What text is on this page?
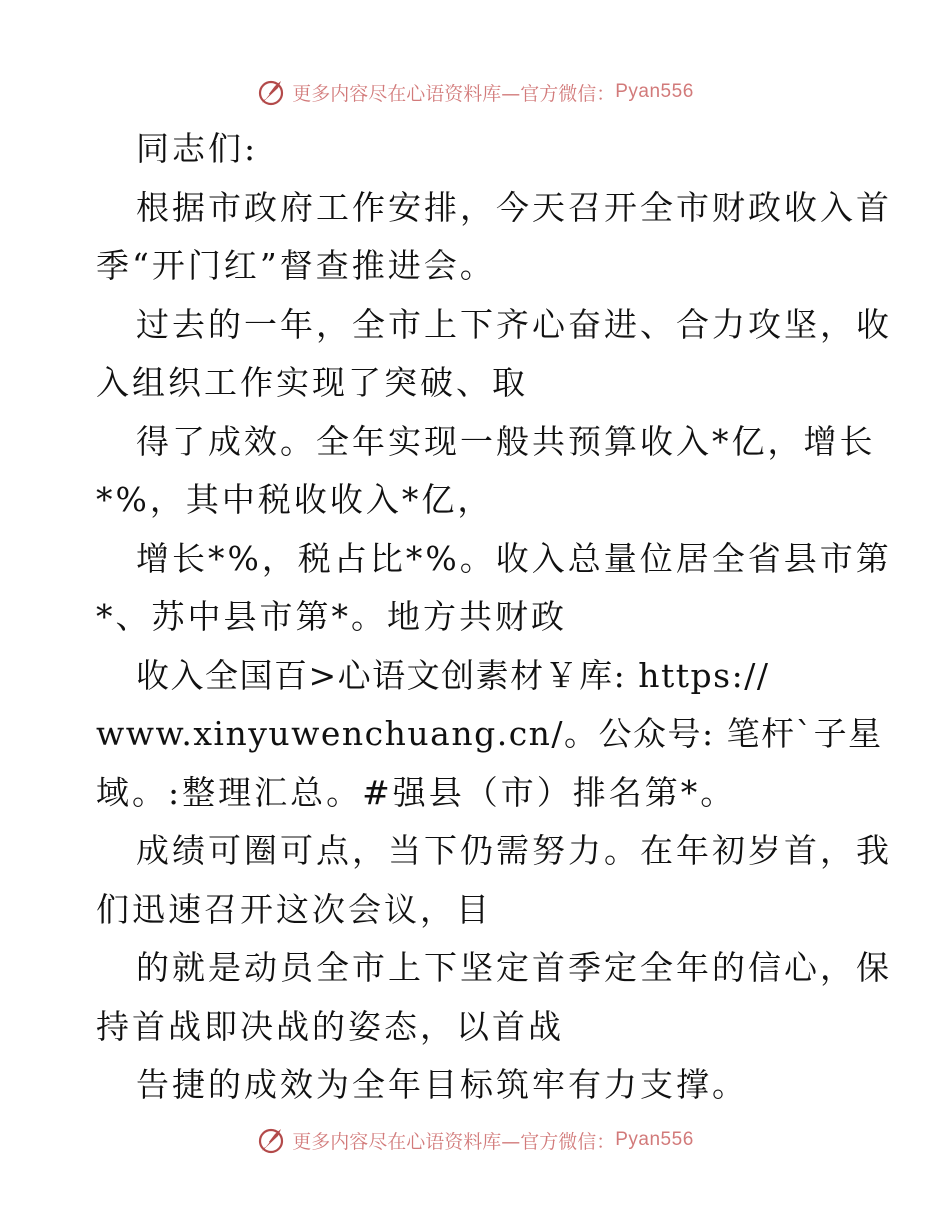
更多内容尽在心语资料库—官方微信： Pyan556
同志们:
根据市政府工作安排，今天召开全市财政收入首
季“开门红”督查推进会。
过去的一年，全市上下齐心奋进、合力攻坚，收
入组织工作实现了突破、取
得了成效。全年实现一般共预算收入*亿，增长
*%，其中税收收入*亿，
增长*%，税占比*%。收入总量位居全省县市第
*、苏中县市第*。地方共财政
收入全国百>心语文创素材￥库: https://
www.xinyuwenchuang.cn/。公众号: 笔杆`子星
域。:整理汇总。#强县（市）排名第*。
成绩可圈可点，当下仍需努力。在年初岁首，我
们迅速召开这次会议，目
的就是动员全市上下坚定首季定全年的信心，保
持首战即决战的姿态，以首战
告捷的成效为全年目标筑牢有力支撑。
更多内容尽在心语资料库—官方微信： Pyan556
